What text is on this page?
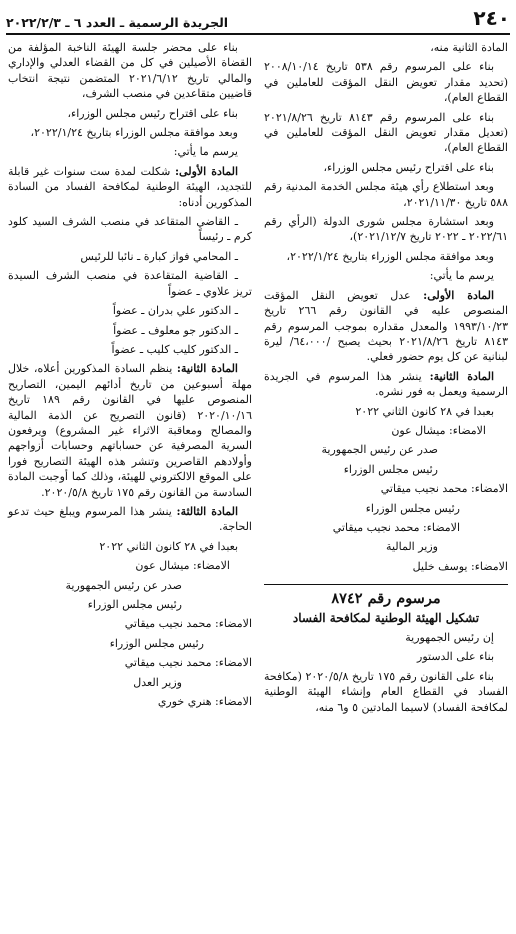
٢٤٠
الجريدة الرسمية ـ العدد ٦ ـ ٢٠٢٢/٢/٣

المادة الثانية منه،

بناء على المرسوم رقم ٥٣٨ تاريخ ٢٠٠٨/١٠/١٤ (تحديد مقدار تعويض النقل المؤقت للعاملين في القطاع العام)،

بناء على المرسوم رقم ٨١٤٣ تاريخ ٢٠٢١/٨/٢٦ (تعديل مقدار تعويض النقل المؤقت للعاملين في القطاع العام)،

بناء على اقتراح رئيس مجلس الوزراء،

وبعد استطلاع رأي هيئة مجلس الخدمة المدنية رقم ٥٨٨ تاريخ ٢٠٢١/١١/٣٠،

وبعد استشارة مجلس شورى الدولة (الرأي رقم ٢٠٢٢/٦١ ـ ٢٠٢٢ تاريخ ٢٠٢١/١٢/٧)،

وبعد موافقة مجلس الوزراء بتاريخ ٢٠٢٢/١/٢٤،

يرسم ما يأتي:

المادة الأولى: عدل تعويض النقل المؤقت المنصوص عليه في القانون رقم ٢٦٦ تاريخ ١٩٩٣/١٠/٢٣ والمعدل مقداره بموجب المرسوم رقم ٨١٤٣ تاريخ ٢٠٢١/٨/٢٦ بحيث يصبح /٦٤،٠٠٠/ ليرة لبنانية عن كل يوم حضور فعلي.

المادة الثانية: ينشر هذا المرسوم في الجريدة الرسمية ويعمل به فور نشره.

بعبدا في ٢٨ كانون الثاني ٢٠٢٢

الامضاء: ميشال عون

صدر عن رئيس الجمهورية

رئيس مجلس الوزراء

الامضاء: محمد نجيب ميقاتي

رئيس مجلس الوزراء

الامضاء: محمد نجيب ميقاتي

وزير المالية

الامضاء: يوسف خليل

مرسوم رقم ٨٧٤٢

تشكيل الهيئة الوطنية لمكافحة الفساد

إن رئيس الجمهورية

بناء على الدستور

بناء على القانون رقم ١٧٥ تاريخ ٢٠٢٠/٥/٨ (مكافحة الفساد في القطاع العام وإنشاء الهيئة الوطنية لمكافحة الفساد) لاسيما المادتين ٥ و٦ منه،

بناء على محضر جلسة الهيئة الناخبة المؤلفة من القضاة الأصيلين في كل من القضاء العدلي والإداري والمالي تاريخ ٢٠٢١/٦/١٢ المتضمن نتيجة انتخاب قاضيين متقاعدين في منصب الشرف،

بناء على اقتراح رئيس مجلس الوزراء،

وبعد موافقة مجلس الوزراء بتاريخ ٢٠٢٢/١/٢٤،

يرسم ما يأتي:

المادة الأولى: شكلت لمدة ست سنوات غير قابلة للتجديد، الهيئة الوطنية لمكافحة الفساد من السادة المذكورين أدناه:

ـ القاضي المتقاعد في منصب الشرف السيد كلود كرم ـ رئيساً

ـ المحامي فواز كبارة ـ نائبا للرئيس

ـ القاضية المتقاعدة في منصب الشرف السيدة تريز علاوي ـ عضواً

ـ الدكتور علي بدران ـ عضواً

ـ الدكتور جو معلوف ـ عضواً

ـ الدكتور كليب كليب ـ عضواً

المادة الثانية: ينظم السادة المذكورين أعلاه، خلال مهلة أسبوعين من تاريخ أدائهم اليمين، التصاريح المنصوص عليها في القانون رقم ١٨٩ تاريخ ٢٠٢٠/١٠/١٦ (قانون التصريح عن الذمة المالية والمصالح ومعاقبة الاثراء غير المشروع) ويرفعون السرية المصرفية عن حساباتهم وحسابات أزواجهم وأولادهم القاصرين وتنشر هذه الهيئة التصاريح فورا على الموقع الالكتروني للهيئة، وذلك كما أوجبت المادة السادسة من القانون رقم ١٧٥ تاريخ ٢٠٢٠/٥/٨.

المادة الثالثة: ينشر هذا المرسوم ويبلغ حيث تدعو الحاجة.

بعبدا في ٢٨ كانون الثاني ٢٠٢٢

الامضاء: ميشال عون

صدر عن رئيس الجمهورية

رئيس مجلس الوزراء

الامضاء: محمد نجيب ميقاتي

رئيس مجلس الوزراء

الامضاء: محمد نجيب ميقاتي

وزير العدل

الامضاء: هنري خوري
